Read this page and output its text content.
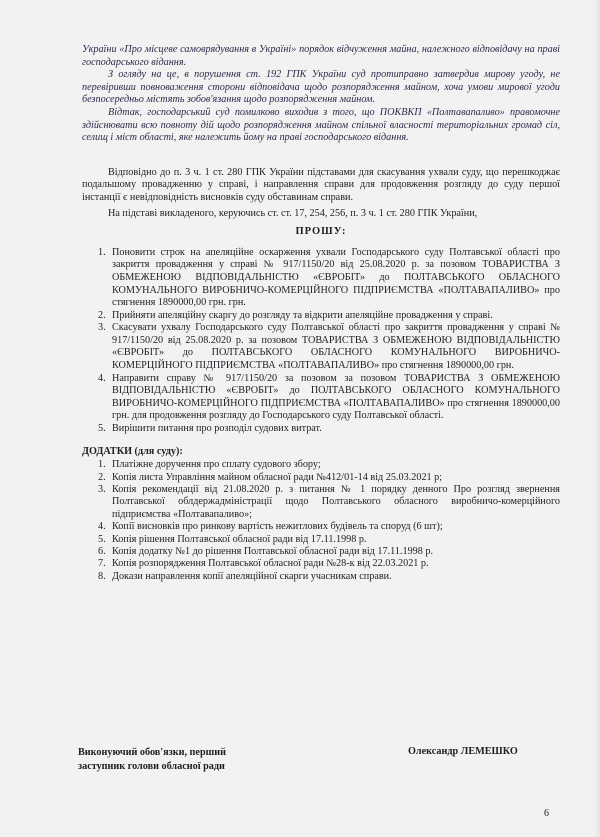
України «Про місцеве самоврядування в Україні» порядок відчуження майна, належного відповідачу на праві господарського відання.

З огляду на це, в порушення ст. 192 ГПК України суд протиправно затвердив мирову угоду, не перевіривши повноваження сторони відповідача щодо розпорядження майном, хоча умови мирової угоди безпосередньо містять зобов'язання щодо розпорядження майном.

Відтак, господарський суд помилково виходив з того, що ПОКВКП «Полтавапаливо» правомочне здійснювати всю повноту дій щодо розпорядження майном спільної власності територіальних громад сіл, селищ і міст області, яке належить йому на праві господарського відання.

Відповідно до п. 3 ч. 1 ст. 280 ГПК України підставами для скасування ухвали суду, що перешкоджає подальшому провадженню у справі, і направлення справи для продовження розгляду до суду першої інстанції є невідповідність висновків суду обставинам справи.

На підставі викладеного, керуючись ст. ст. 17, 254, 256, п. 3 ч. 1 ст. 280 ГПК України,

ПРОШУ:
1. Поновити строк на апеляційне оскарження ухвали Господарського суду Полтавської області про закриття провадження у справі № 917/1150/20 від 25.08.2020 р. за позовом ТОВАРИСТВА З ОБМЕЖЕНОЮ ВІДПОВІДАЛЬНІСТЮ «ЄВРОБІТ» до ПОЛТАВСЬКОГО ОБЛАСНОГО КОМУНАЛЬНОГО ВИРОБНИЧО-КОМЕРЦІЙНОГО ПІДПРИЄМСТВА «ПОЛТАВАПАЛИВО» про стягнення 1890000,00 грн. грн.
2. Прийняти апеляційну скаргу до розгляду та відкрити апеляційне провадження у справі.
3. Скасувати ухвалу Господарського суду Полтавської області про закриття провадження у справі № 917/1150/20 від 25.08.2020 р. за позовом ТОВАРИСТВА З ОБМЕЖЕНОЮ ВІДПОВІДАЛЬНІСТЮ «ЄВРОБІТ» до ПОЛТАВСЬКОГО ОБЛАСНОГО КОМУНАЛЬНОГО ВИРОБНИЧО-КОМЕРЦІЙНОГО ПІДПРИЄМСТВА «ПОЛТАВАПАЛИВО» про стягнення 1890000,00 грн.
4. Направити справу № 917/1150/20 за позовом за позовом ТОВАРИСТВА З ОБМЕЖЕНОЮ ВІДПОВІДАЛЬНІСТЮ «ЄВРОБІТ» до ПОЛТАВСЬКОГО ОБЛАСНОГО КОМУНАЛЬНОГО ВИРОБНИЧО-КОМЕРЦІЙНОГО ПІДПРИЄМСТВА «ПОЛТАВАПАЛИВО» про стягнення 1890000,00 грн. для продовження розгляду до Господарського суду Полтавської області.
5. Вирішити питання про розподіл судових витрат.
ДОДАТКИ (для суду):
1. Платіжне доручення про сплату судового збору;
2. Копія листа Управління майном обласної ради №412/01-14 від 25.03.2021 р;
3. Копія рекомендації від 21.08.2020 р. з питання № 1 порядку денного Про розгляд звернення Полтавської облдержадміністрації щодо Полтавського обласного виробничо-комерційного підприємства «Полтавапаливо»;
4. Копії висновків про ринкову вартість нежитлових будівель та споруд (6 шт);
5. Копія рішення Полтавської обласної ради від 17.11.1998 р.
6. Копія додатку №1 до рішення Полтавської обласної ради від 17.11.1998 р.
7. Копія розпорядження Полтавської обласної ради №28-к від 22.03.2021 р.
8. Докази направлення копії апеляційної скарги учасникам справи.
Виконуючий обов'язки, перший
заступник голови обласної ради
Олександр ЛЕМЕШКО
6
